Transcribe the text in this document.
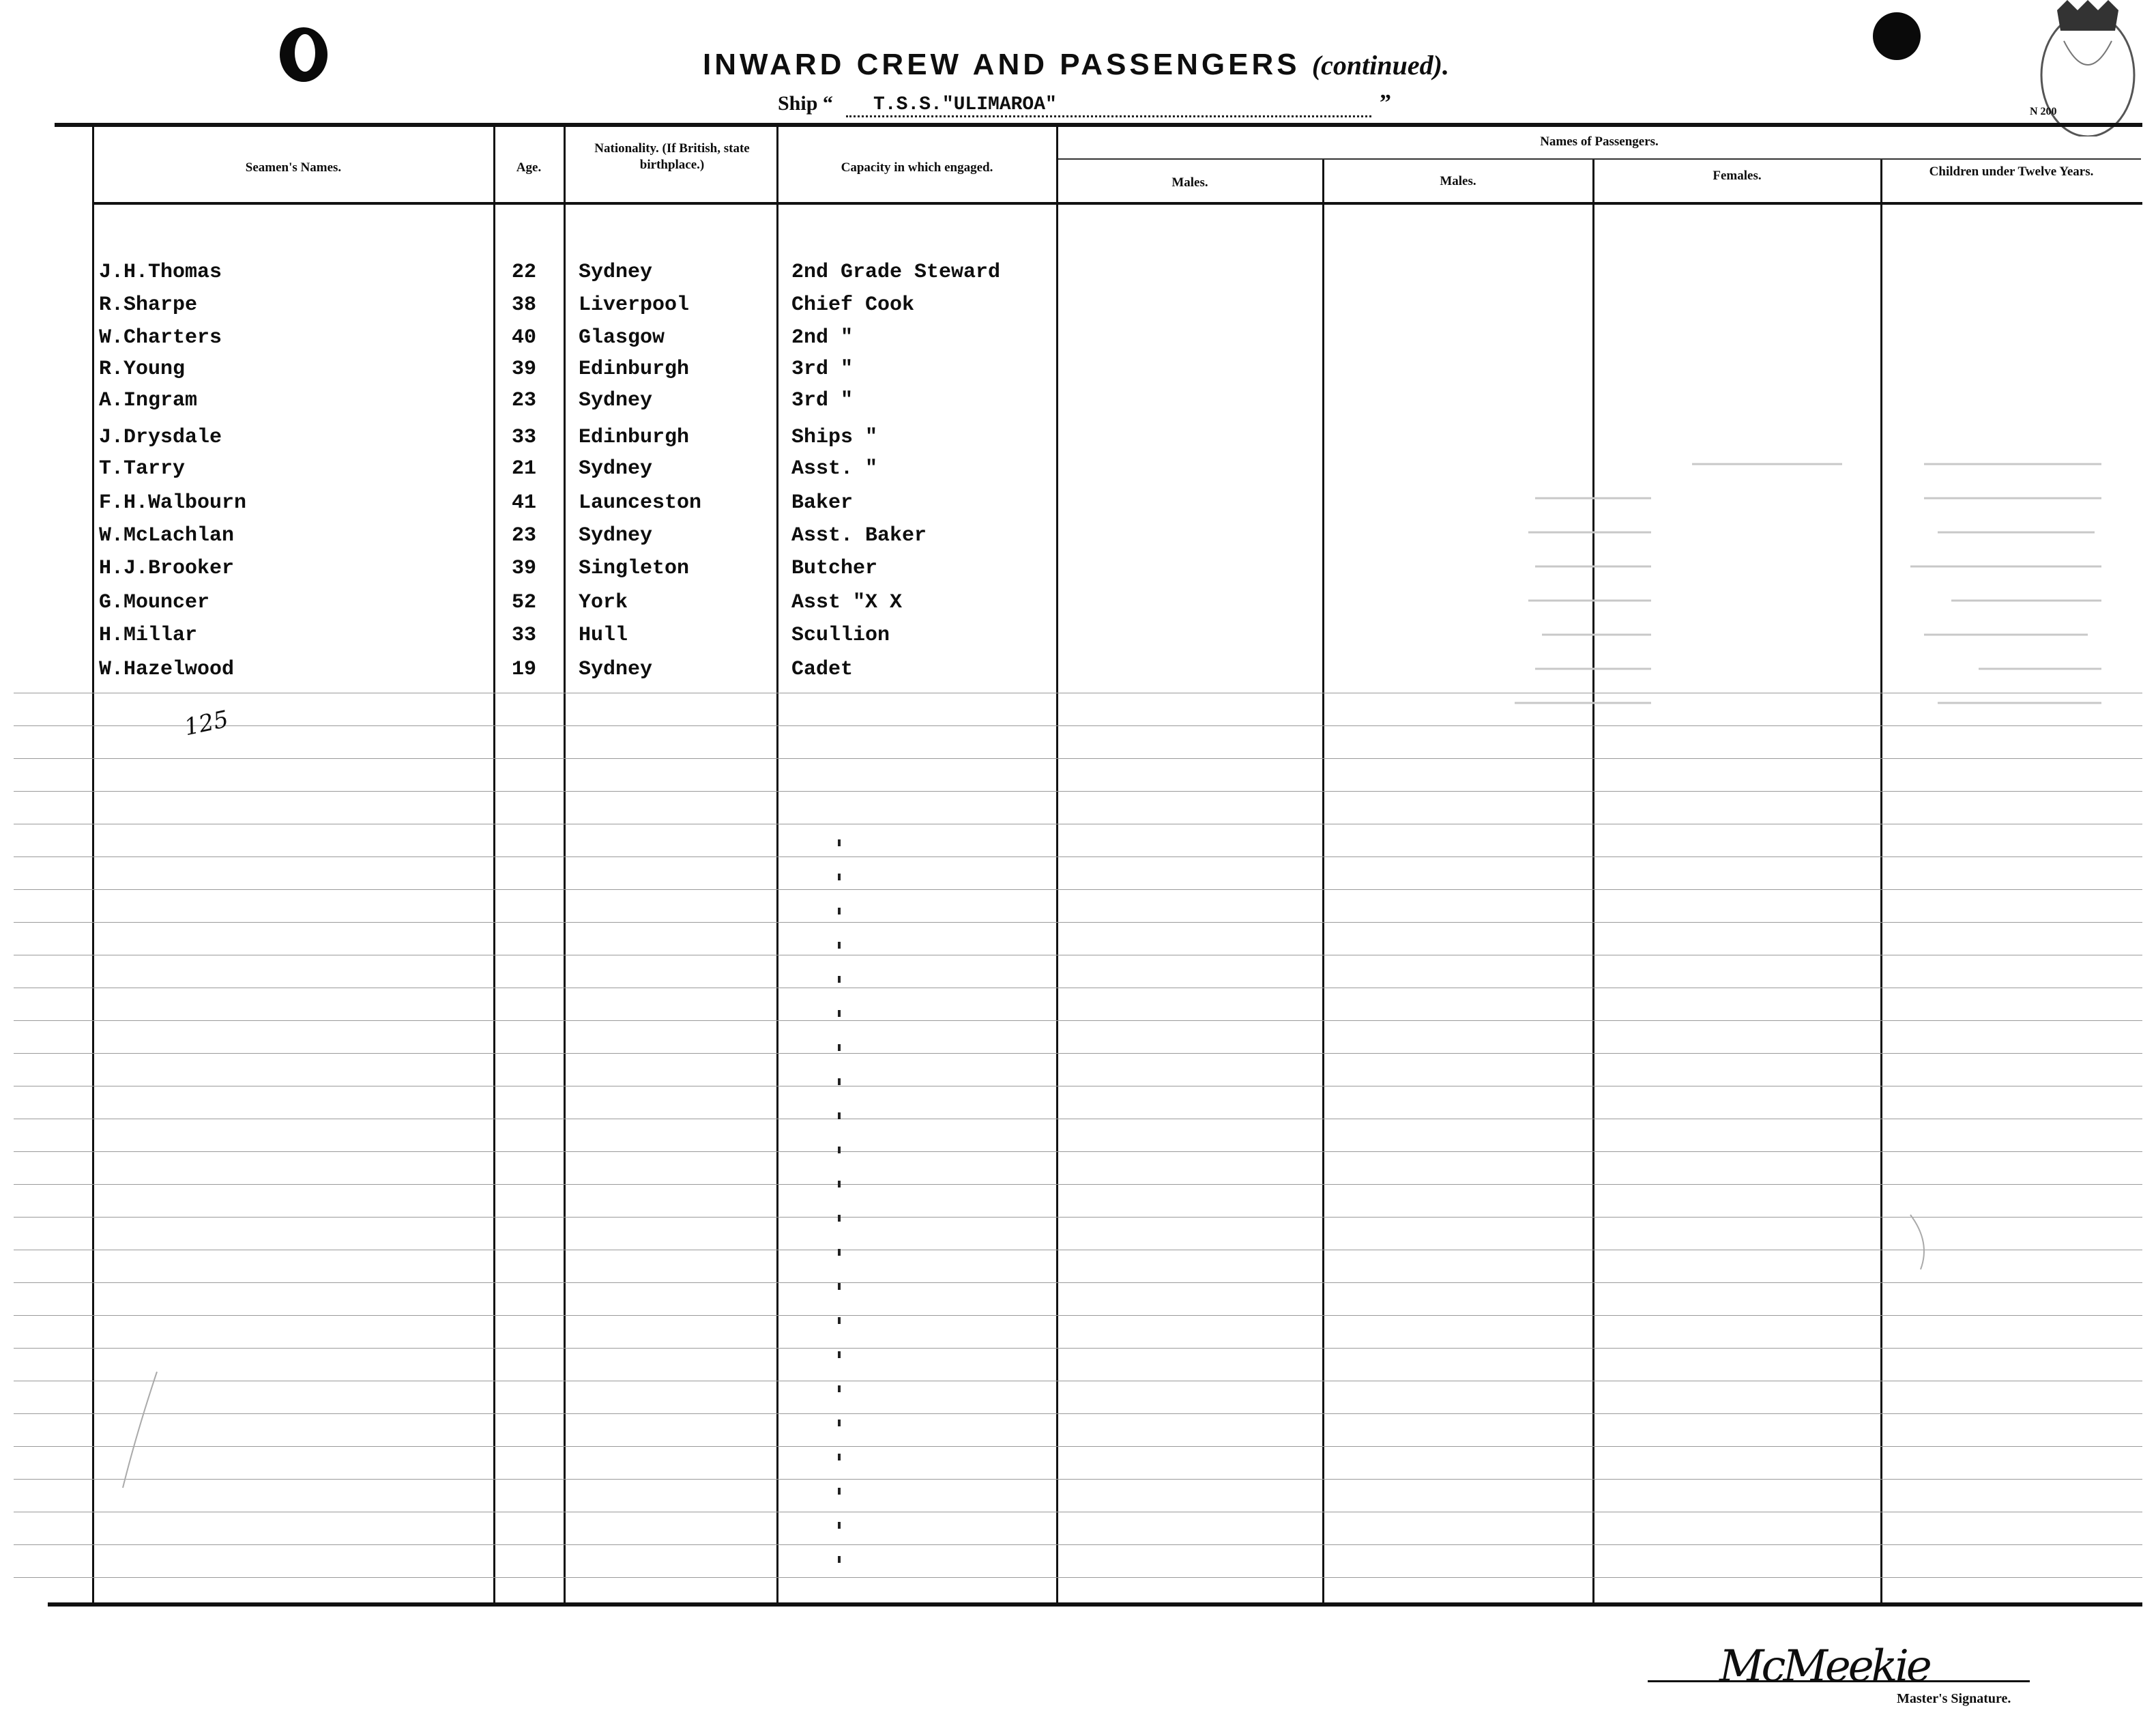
N 200
INWARD CREW AND PASSENGERS (continued).
Ship “	T.S.S."ULIMAROA"	”
Seamen's Names.	Age.
Nationality. (If British, state birthplace.)	Capacity in which engaged.
Names of Passengers.
Males.	Males.	Females.	Children under Twelve Years.
J.H.Thomas	22 Sydney	2nd Grade Steward
R.Sharpe	38 Liverpool	Chief Cook
W.Charters	40 Glasgow	2nd "
R.Young	39 Edinburgh	3rd "
A.Ingram	23 Sydney	3rd "
J.Drysdale	33 Edinburgh	Ships "
T.Tarry	21 Sydney	Asst. "
F.H.Walbourn	41 Launceston	Baker
W.McLachlan	23 Sydney	Asst. Baker
H.J.Brooker	39 Singleton	Butcher
G.Mouncer	52 York	Asst "X X
H.Millar	33 Hull	Scullion
W.Hazelwood	19 Sydney	Cadet
125
McMeekie
Master's Signature.
